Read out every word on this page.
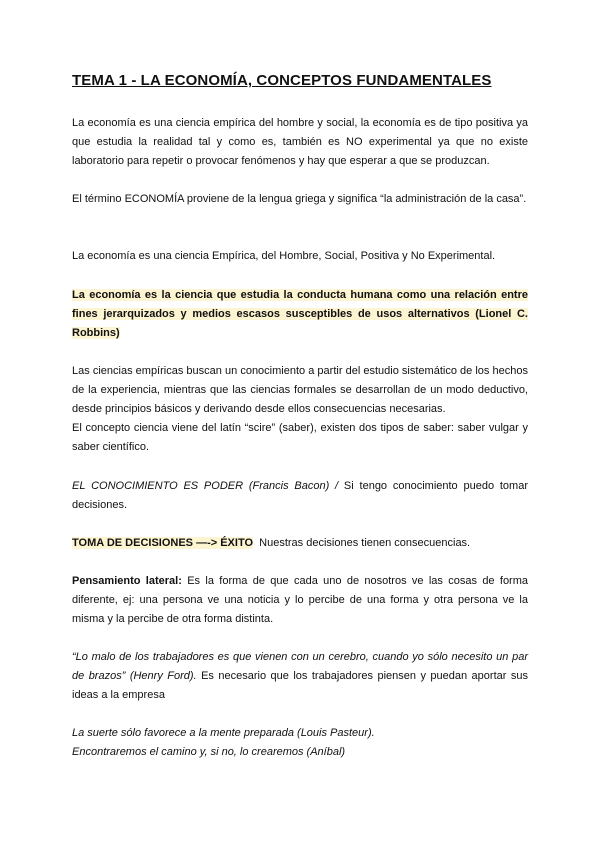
TEMA 1 - LA ECONOMÍA, CONCEPTOS FUNDAMENTALES

La economía es una ciencia empírica del hombre y social, la economía es de tipo positiva ya que estudia la realidad tal y como es, también es NO experimental ya que no existe laboratorio para repetir o provocar fenómenos y hay que esperar a que se produzcan.

El término ECONOMÍA proviene de la lengua griega y significa “la administración de la casa”.

La economía es una ciencia Empírica, del Hombre, Social, Positiva y No Experimental.

La economía es la ciencia que estudia la conducta humana como una relación entre fines jerarquizados y medios escasos susceptibles de usos alternativos (Lionel C. Robbins)

Las ciencias empíricas buscan un conocimiento a partir del estudio sistemático de los hechos de la experiencia, mientras que las ciencias formales se desarrollan de un modo deductivo, desde principios básicos y derivando desde ellos consecuencias necesarias.
El concepto ciencia viene del latín “scire” (saber), existen dos tipos de saber: saber vulgar y saber científico.

EL CONOCIMIENTO ES PODER (Francis Bacon) / Si tengo conocimiento puedo tomar decisiones.

TOMA DE DECISIONES —-> ÉXITO Nuestras decisiones tienen consecuencias.

Pensamiento lateral: Es la forma de que cada uno de nosotros ve las cosas de forma diferente, ej: una persona ve una noticia y lo percibe de una forma y otra persona ve la misma y la percibe de otra forma distinta.

“Lo malo de los trabajadores es que vienen con un cerebro, cuando yo sólo necesito un par de brazos” (Henry Ford). Es necesario que los trabajadores piensen y puedan aportar sus ideas a la empresa

La suerte sólo favorece a la mente preparada (Louis Pasteur).
Encontraremos el camino y, si no, lo crearemos (Aníbal)
